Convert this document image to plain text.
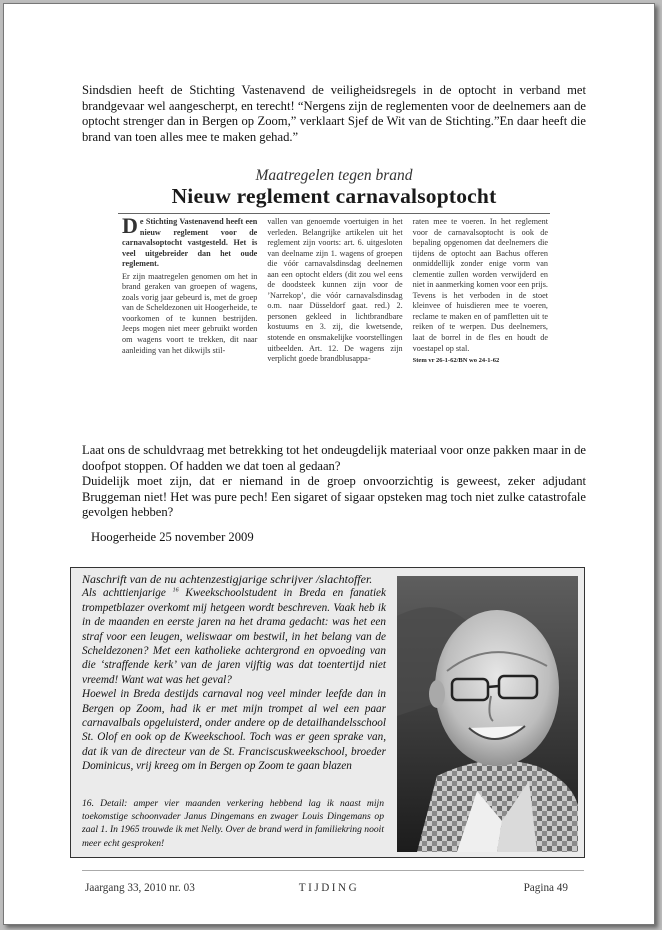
Sindsdien heeft de Stichting Vastenavend de veiligheidsregels in de optocht in verband met brandgevaar wel aangescherpt, en terecht! “Nergens zijn de reglementen voor de deelnemers aan de optocht strenger dan in Bergen op Zoom,” verklaart Sjef de Wit van de Stichting.”En daar heeft die brand van toen alles mee te maken gehad.”

Maatregelen tegen brand
Nieuw reglement carnavalsoptocht

De Stichting Vastenavend heeft een nieuw reglement voor de carnavalsoptocht vastgesteld. Het is veel uitgebreider dan het oude reglement.

Er zijn maatregelen genomen om het in brand geraken van groepen of wagens, zoals vorig jaar gebeurd is, met de groep van de Scheldezonen uit Hoogerheide, te voorkomen of te kunnen bestrijden. Jeeps mogen niet meer gebruikt worden om wagens voort te trekken, dit naar aanleiding van het dikwijls stil-

vallen van genoemde voertuigen in het verleden. Belangrijke artikelen uit het reglement zijn voorts: art. 6. uitgesloten van deelname zijn 1. wagens of groepen die vóór carnavalsdinsdag deelnemen aan een optocht elders (dit zou wel eens de doodsteek kunnen zijn voor de ’Narrekop’, die vóór carnavalsdinsdag o.m. naar Düsseldorf gaat. red.) 2. personen gekleed in lichtbrandbare kostuums en 3. zij, die kwetsende, stotende en onsmakelijke voorstellingen uitbeelden. Art. 12. De wagens zijn verplicht goede brandblusappa-

raten mee te voeren. In het reglement voor de carnavalsoptocht is ook de bepaling opgenomen dat deelnemers die tijdens de optocht aan Bachus offeren onmiddellijk zonder enige vorm van clementie zullen worden verwijderd en niet in aanmerking komen voor een prijs. Tevens is het verboden in de stoet kleinvee of huisdieren mee te voeren, reclame te maken en of pamfletten uit te reiken of te werpen. Dus deelnemers, laat de borrel in de fles en houdt de voestapel op stal.

Stem vr 26-1-62/BN wo 24-1-62

Laat ons de schuldvraag met betrekking tot het ondeugdelijk materiaal voor onze pakken maar in de doofpot stoppen. Of hadden we dat toen al gedaan?

Duidelijk moet zijn, dat er niemand in de groep onvoorzichtig is geweest, zeker adjudant Bruggeman niet! Het was pure pech! Een sigaret of sigaar opsteken mag toch niet zulke catastrofale gevolgen hebben?

Hoogerheide 25 november 2009

Naschrift van de nu achtenzestigjarige schrijver /slachtoffer.

Als achttienjarige $^{16}$ Kweekschoolstudent in Breda en fanatiek trompetblazer overkomt mij hetgeen wordt beschreven. Vaak heb ik in de maanden en eerste jaren na het drama gedacht: was het een straf voor een leugen, weliswaar om bestwil, in het belang van de Scheldezonen? Met een katholieke achtergrond en opvoeding van die ‘straffende kerk’ van de jaren vijftig was dat toentertijd niet vreemd! Want wat was het geval?

Hoewel in Breda destijds carnaval nog veel minder leefde dan in Bergen op Zoom, had ik er met mijn trompet al wel een paar carnavalbals opgeluisterd, onder andere op de detailhandelsschool St. Olof en ook op de Kweekschool. Toch was er geen sprake van, dat ik van de directeur van de St. Franciscuskweekschool, broeder Dominicus, vrij kreeg om in Bergen op Zoom te gaan blazen

16. Detail: amper vier maanden verkering hebbend lag ik naast mijn toekomstige schoonvader Janus Dingemans en zwager Louis Dingemans op zaal 1. In 1965 trouwde ik met Nelly. Over de brand werd in familiekring nooit meer echt gesproken!

Jaargang 33, 2010 nr. 03	TIJDING	Pagina 49
